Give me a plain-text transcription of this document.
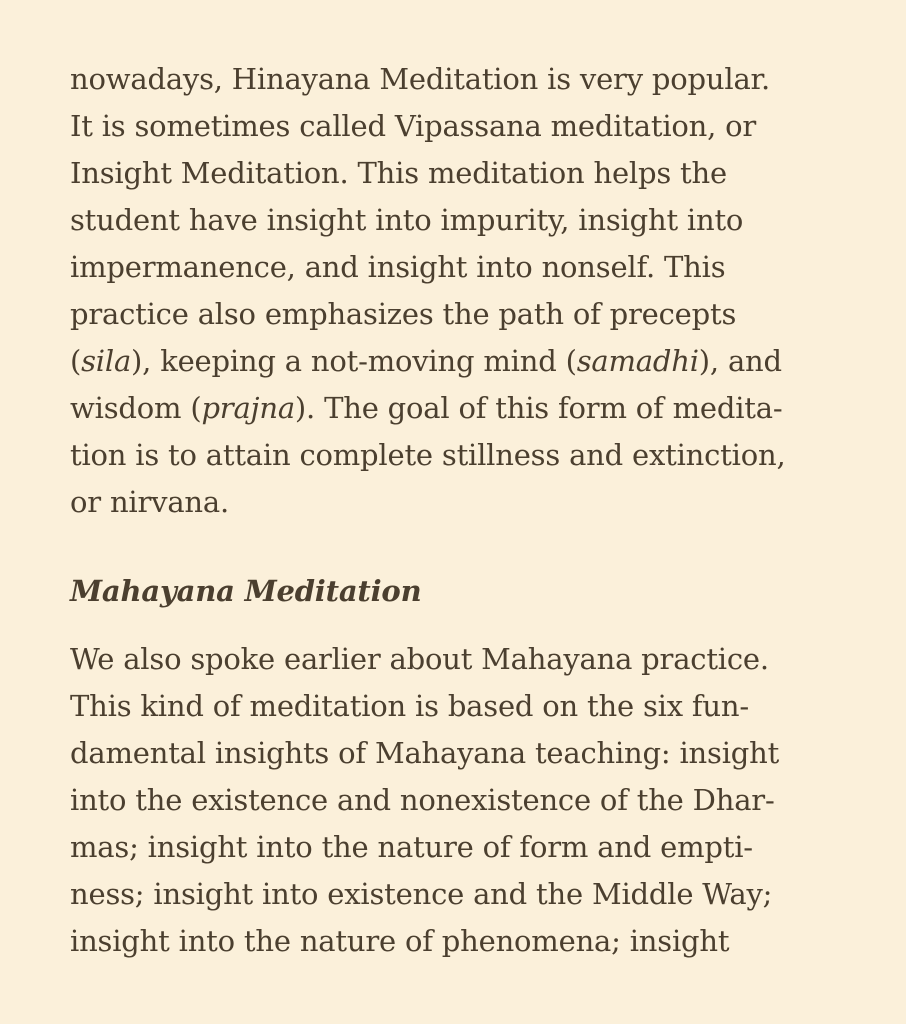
nowadays, Hinayana Meditation is very popular.
It is sometimes called Vipassana meditation, or
Insight Meditation. This meditation helps the
student have insight into impurity, insight into
impermanence, and insight into nonself. This
practice also emphasizes the path of precepts
(sila), keeping a not-moving mind (samadhi), and
wisdom (prajna). The goal of this form of medita-
tion is to attain complete stillness and extinction,
or nirvana.

Mahayana Meditation

We also spoke earlier about Mahayana practice.
This kind of meditation is based on the six fun-
damental insights of Mahayana teaching: insight
into the existence and nonexistence of the Dhar-
mas; insight into the nature of form and empti-
ness; insight into existence and the Middle Way;
insight into the nature of phenomena; insight
